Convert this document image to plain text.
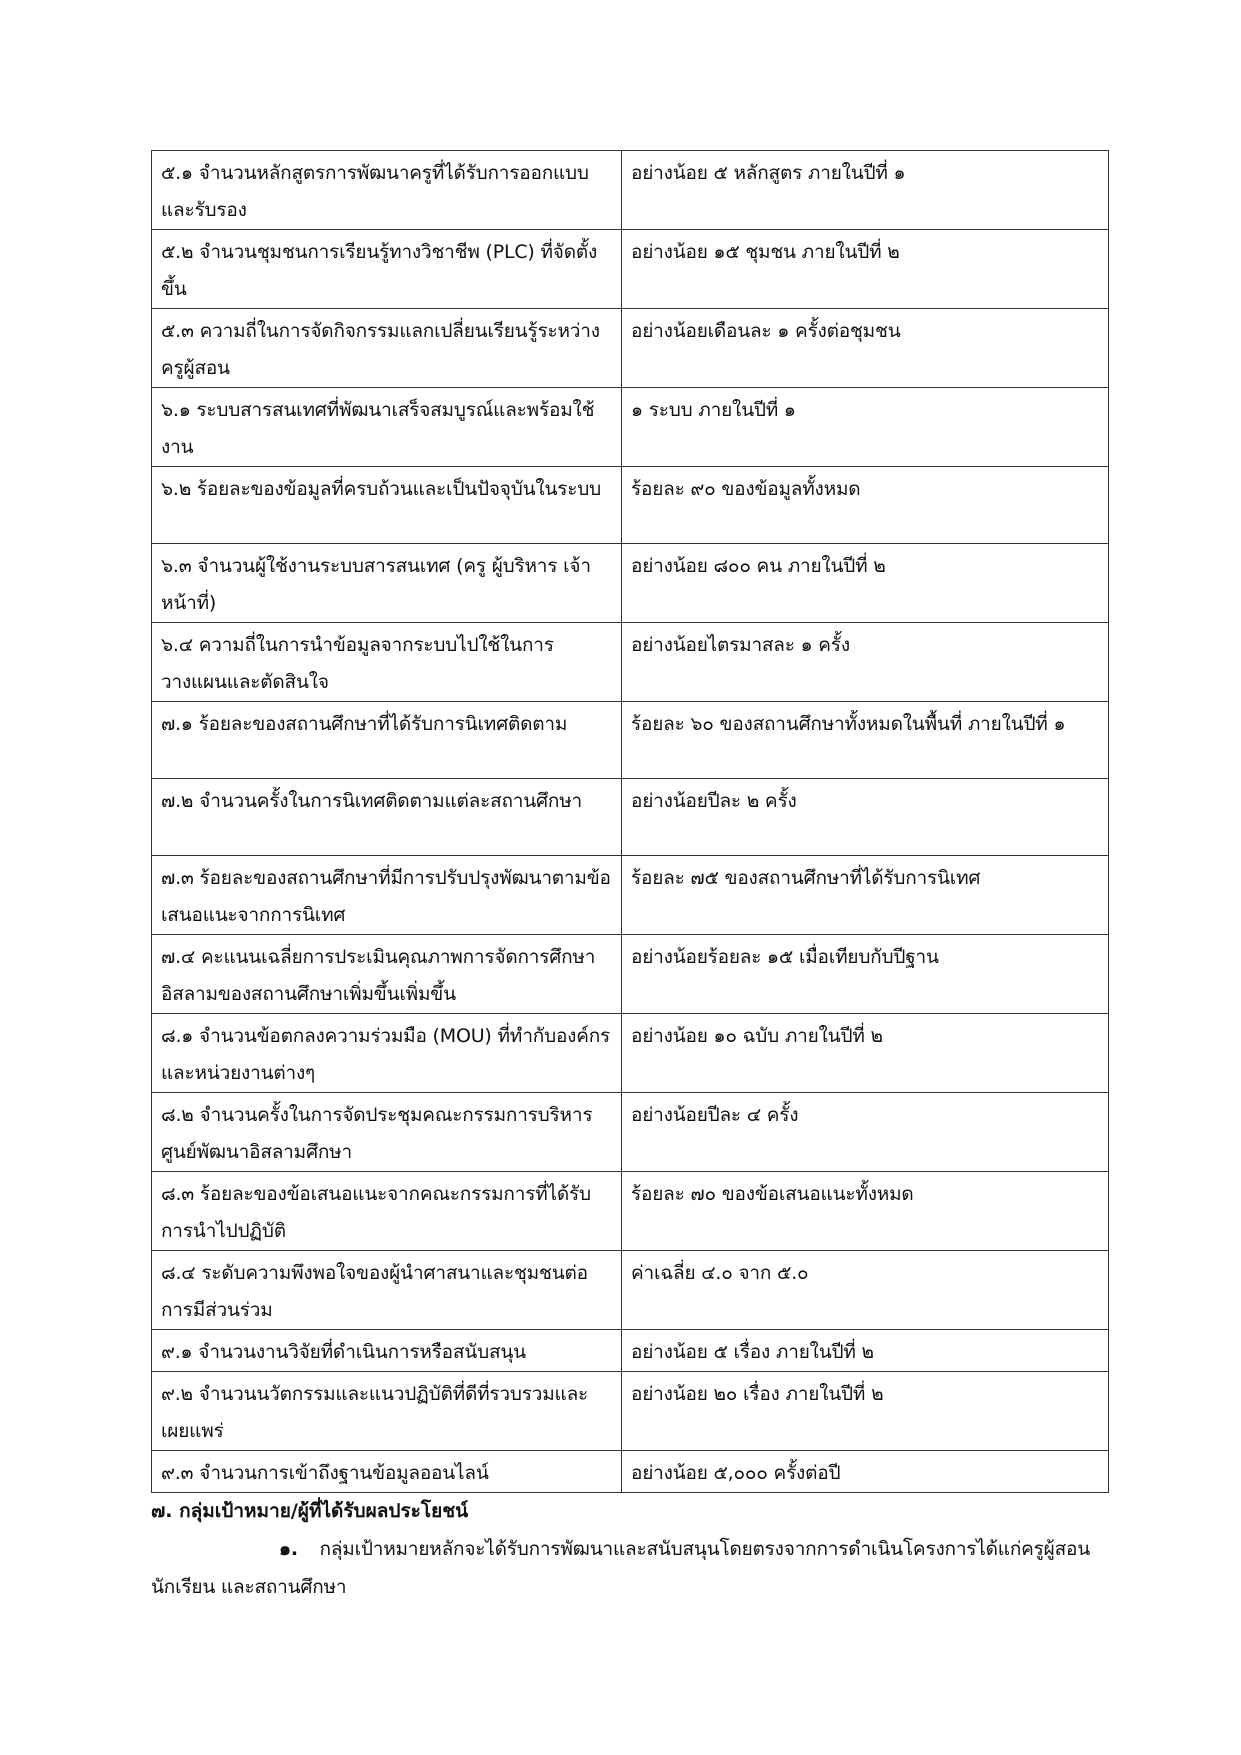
๕.๑ จำนวนหลักสูตรการพัฒนาครูที่ได้รับการออกแบบและรับรอง	อย่างน้อย ๕ หลักสูตร ภายในปีที่ ๑

๕.๒ จำนวนชุมชนการเรียนรู้ทางวิชาชีพ (PLC) ที่จัดตั้งขึ้น	อย่างน้อย ๑๕ ชุมชน ภายในปีที่ ๒

๕.๓ ความถี่ในการจัดกิจกรรมแลกเปลี่ยนเรียนรู้ระหว่างครูผู้สอน	อย่างน้อยเดือนละ ๑ ครั้งต่อชุมชน

๖.๑ ระบบสารสนเทศที่พัฒนาเสร็จสมบูรณ์และพร้อมใช้งาน	๑ ระบบ ภายในปีที่ ๑

๖.๒ ร้อยละของข้อมูลที่ครบถ้วนและเป็นปัจจุบันในระบบ	ร้อยละ ๙๐ ของข้อมูลทั้งหมด

๖.๓ จำนวนผู้ใช้งานระบบสารสนเทศ (ครู ผู้บริหาร เจ้าหน้าที่)	อย่างน้อย ๘๐๐ คน ภายในปีที่ ๒

๖.๔ ความถี่ในการนำข้อมูลจากระบบไปใช้ในการวางแผนและตัดสินใจ	อย่างน้อยไตรมาสละ ๑ ครั้ง

๗.๑ ร้อยละของสถานศึกษาที่ได้รับการนิเทศติดตาม	ร้อยละ ๖๐ ของสถานศึกษาทั้งหมดในพื้นที่ ภายในปีที่ ๑

๗.๒ จำนวนครั้งในการนิเทศติดตามแต่ละสถานศึกษา	อย่างน้อยปีละ ๒ ครั้ง

๗.๓ ร้อยละของสถานศึกษาที่มีการปรับปรุงพัฒนาตามข้อเสนอแนะจากการนิเทศ	ร้อยละ ๗๕ ของสถานศึกษาที่ได้รับการนิเทศ

๗.๔ คะแนนเฉลี่ยการประเมินคุณภาพการจัดการศึกษาอิสลามของสถานศึกษาเพิ่มขึ้นเพิ่มขึ้น	อย่างน้อยร้อยละ ๑๕ เมื่อเทียบกับปีฐาน

๘.๑ จำนวนข้อตกลงความร่วมมือ (MOU) ที่ทำกับองค์กรและหน่วยงานต่างๆ	อย่างน้อย ๑๐ ฉบับ ภายในปีที่ ๒

๘.๒ จำนวนครั้งในการจัดประชุมคณะกรรมการบริหารศูนย์พัฒนาอิสลามศึกษา	อย่างน้อยปีละ ๔ ครั้ง

๘.๓ ร้อยละของข้อเสนอแนะจากคณะกรรมการที่ได้รับการนำไปปฏิบัติ	ร้อยละ ๗๐ ของข้อเสนอแนะทั้งหมด

๘.๔ ระดับความพึงพอใจของผู้นำศาสนาและชุมชนต่อการมีส่วนร่วม	ค่าเฉลี่ย ๔.๐ จาก ๕.๐

๙.๑ จำนวนงานวิจัยที่ดำเนินการหรือสนับสนุน	อย่างน้อย ๕ เรื่อง ภายในปีที่ ๒

๙.๒ จำนวนนวัตกรรมและแนวปฏิบัติที่ดีที่รวบรวมและเผยแพร่	อย่างน้อย ๒๐ เรื่อง ภายในปีที่ ๒

๙.๓ จำนวนการเข้าถึงฐานข้อมูลออนไลน์	อย่างน้อย ๕,๐๐๐ ครั้งต่อปี

๗. กลุ่มเป้าหมาย/ผู้ที่ได้รับผลประโยชน์

๑. กลุ่มเป้าหมายหลักจะได้รับการพัฒนาและสนับสนุนโดยตรงจากการดำเนินโครงการได้แก่ครูผู้สอน นักเรียน และสถานศึกษา
